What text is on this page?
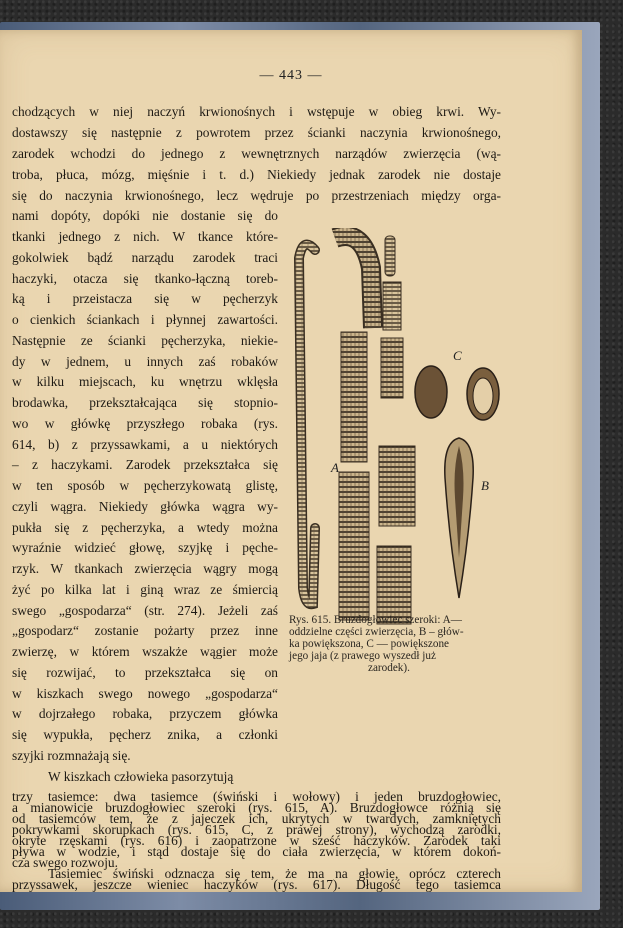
— 443 —
chodzących w niej naczyń krwionośnych i wstępuje w obieg krwi. Wy-
dostawszy się następnie z powrotem przez ścianki naczynia krwionośnego,
zarodek wchodzi do jednego z wewnętrznych narządów zwierzęcia (wą-
troba, płuca, mózg, mięśnie i t. d.) Niekiedy jednak zarodek nie dostaje
się do naczynia krwionośnego, lecz wędruje po przestrzeniach między orga-
nami dopóty, dopóki nie dostanie się do
tkanki jednego z nich. W tkance które-
gokolwiek bądź narządu zarodek traci
haczyki, otacza się tkanko-łączną toreb-
ką i przeistacza się w pęcherzyk
o cienkich ściankach i płynnej zawartości.
Następnie ze ścianki pęcherzyka, niekie-
dy w jednem, u innych zaś robaków
w kilku miejscach, ku wnętrzu wklęsła
brodawka, przekształcająca się stopnio-
wo w główkę przyszłego robaka (rys.
614, b) z przyssawkami, a u niektórych
– z haczykami. Zarodek przekształca się
w ten sposób w pęcherzykowatą glistę,
czyli wągra. Niekiedy główka wągra wy-
pukła się z pęcherzyka, a wtedy można
wyraźnie widzieć głowę, szyjkę i pęche-
rzyk. W tkankach zwierzęcia wągry mogą
żyć po kilka lat i giną wraz ze śmiercią
swego „gospodarza“ (str. 274). Jeżeli zaś
„gospodarz“ zostanie pożarty przez inne
zwierzę, w którem wszakże wągier może
się rozwijać, to przekształca się on
w kiszkach swego nowego „gospodarza“
w dojrzałego robaka, przyczem główka
się wypukła, pęcherz znika, a członki
szyjki rozmnażają się.
A
B
C
Rys. 615. Bruzdogłowiec szeroki: A—
oddzielne części zwierzęcia, B – głów-
ka powiększona, C — powiększone
jego jaja (z prawego wyszedł już
zarodek).
W kiszkach człowieka pasorzytują
trzy tasiemce: dwa tasiemce (świński i wołowy) i jeden bruzdogłowiec,
a mianowicie bruzdogłowiec szeroki (rys. 615, A). Bruzdogłowce różnią się
od tasiemców tem, że z jajeczek ich, ukrytych w twardych, zamkniętych
pokrywkami skorupkach (rys. 615, C, z prawej strony), wychodzą zarodki,
okryte rzęskami (rys. 616) i zaopatrzone w sześć haczyków. Zarodek taki
pływa w wodzie, i stąd dostaje się do ciała zwierzęcia, w którem dokoń-
cza swego rozwoju.
Tasiemiec świński odznacza się tem, że ma na głowie, oprócz czterech
przyssawek, jeszcze wieniec haczyków (rys. 617). Długość tego tasiemca
